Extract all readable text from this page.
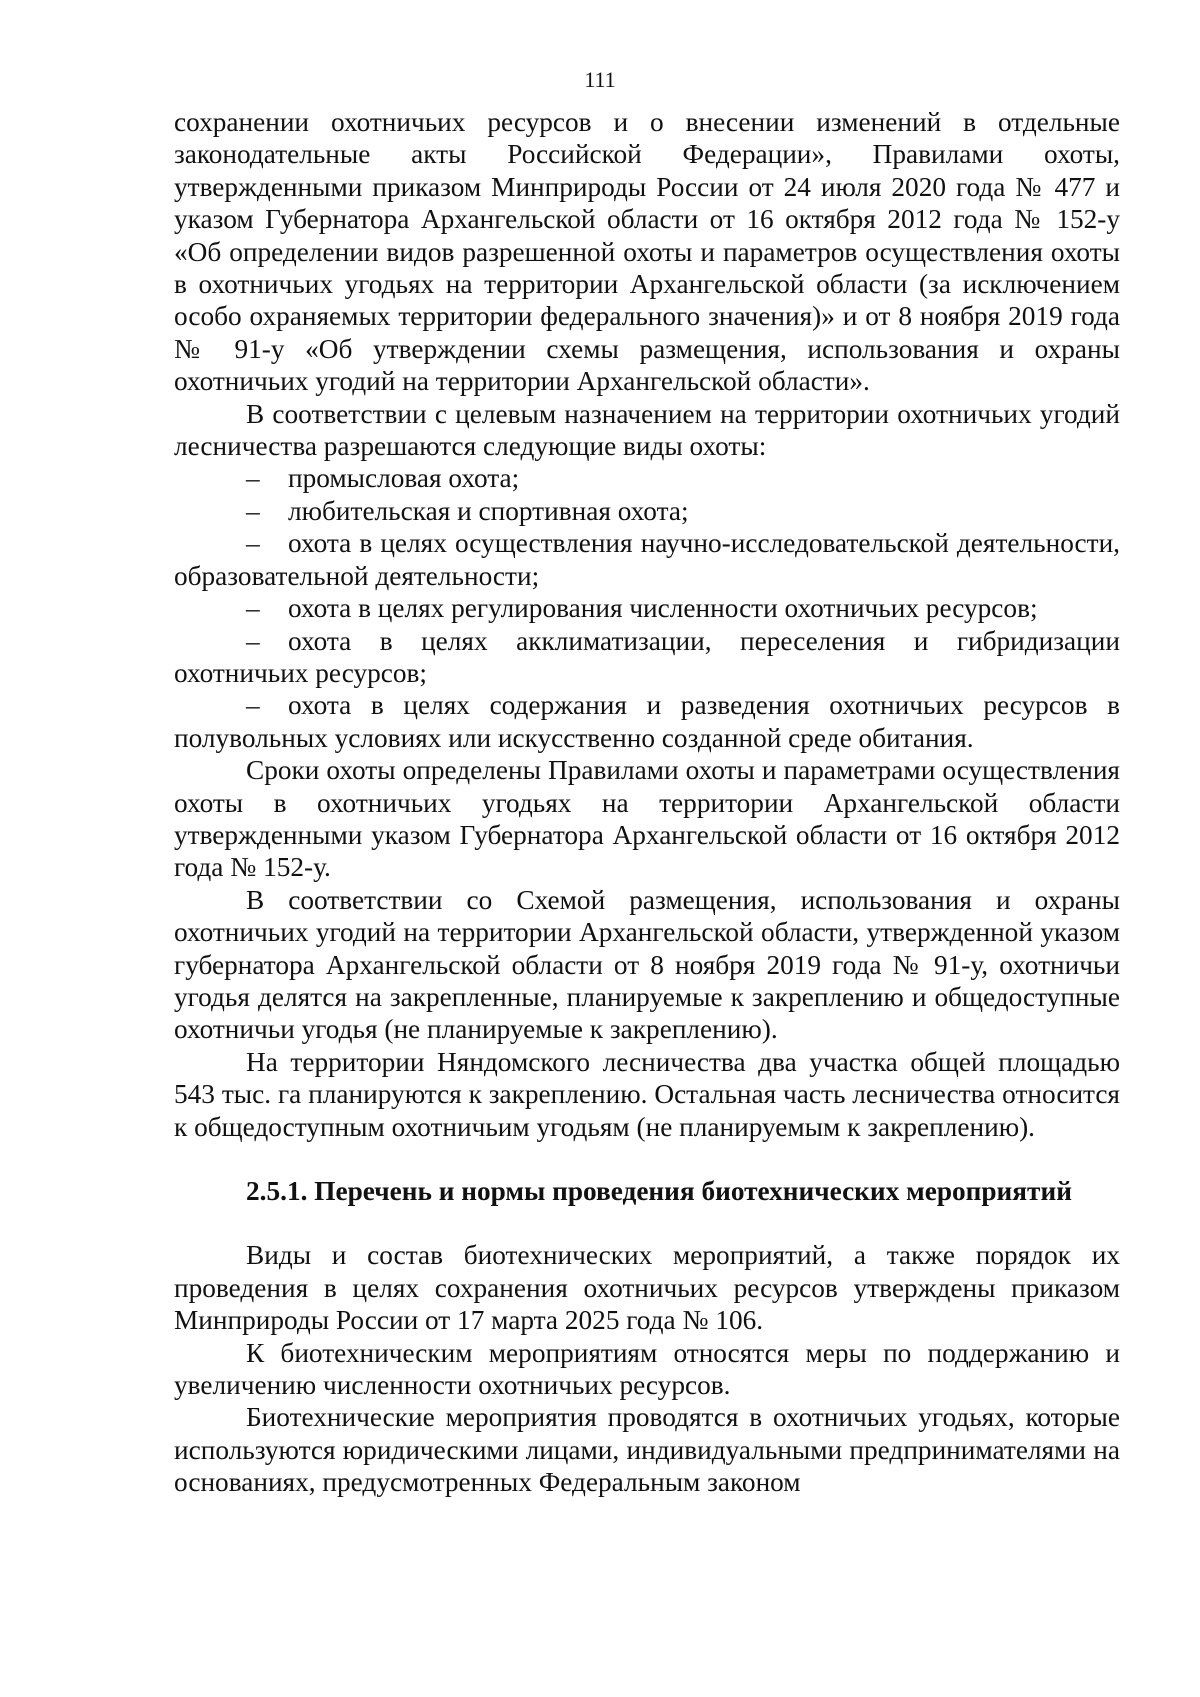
111

сохранении охотничьих ресурсов и о внесении изменений в отдельные законодательные акты Российской Федерации», Правилами охоты, утвержденными приказом Минприроды России от 24 июля 2020 года № 477 и указом Губернатора Архангельской области от 16 октября 2012 года № 152-у «Об определении видов разрешенной охоты и параметров осуществления охоты в охотничьих угодьях на территории Архангельской области (за исключением особо охраняемых территории федерального значения)» и от 8 ноября 2019 года № 91-у «Об утверждении схемы размещения, использования и охраны охотничьих угодий на территории Архангельской области».

В соответствии с целевым назначением на территории охотничьих угодий лесничества разрешаются следующие виды охоты:

– промысловая охота;

– любительская и спортивная охота;

– охота в целях осуществления научно-исследовательской деятельности, образовательной деятельности;

– охота в целях регулирования численности охотничьих ресурсов;

– охота в целях акклиматизации, переселения и гибридизации охотничьих ресурсов;

– охота в целях содержания и разведения охотничьих ресурсов в полувольных условиях или искусственно созданной среде обитания.

Сроки охоты определены Правилами охоты и параметрами осуществления охоты в охотничьих угодьях на территории Архангельской области утвержденными указом Губернатора Архангельской области от 16 октября 2012 года № 152-у.

В соответствии со Схемой размещения, использования и охраны охотничьих угодий на территории Архангельской области, утвержденной указом губернатора Архангельской области от 8 ноября 2019 года № 91-у, охотничьи угодья делятся на закрепленные, планируемые к закреплению и общедоступные охотничьи угодья (не планируемые к закреплению).

На территории Няндомского лесничества два участка общей площадью 543 тыс. га планируются к закреплению. Остальная часть лесничества относится к общедоступным охотничьим угодьям (не планируемым к закреплению).

2.5.1. Перечень и нормы проведения биотехнических мероприятий

Виды и состав биотехнических мероприятий, а также порядок их проведения в целях сохранения охотничьих ресурсов утверждены приказом Минприроды России от 17 марта 2025 года № 106.

К биотехническим мероприятиям относятся меры по поддержанию и увеличению численности охотничьих ресурсов.

Биотехнические мероприятия проводятся в охотничьих угодьях, которые используются юридическими лицами, индивидуальными предпринимателями на основаниях, предусмотренных Федеральным законом
